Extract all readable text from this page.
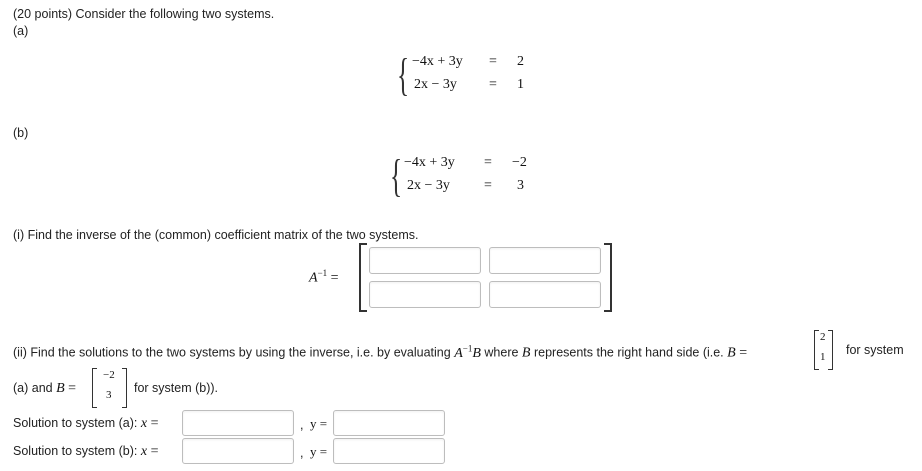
(20 points) Consider the following two systems.
(a)
{ −4x + 3y = 2
2x − 3y = 1
(b)
{ −4x + 3y = −2
2x − 3y = 3
(i) Find the inverse of the (common) coefficient matrix of the two systems.
$A^{-1}$ =
(ii) Find the solutions to the two systems by using the inverse, i.e. by evaluating $A^{-1}B$ where B represents the right hand side (i.e. B =
2
1 for system
(a) and B =
−2
3 for system (b)).
Solution to system (a): x =	, y =
Solution to system (b): x =	, y =
